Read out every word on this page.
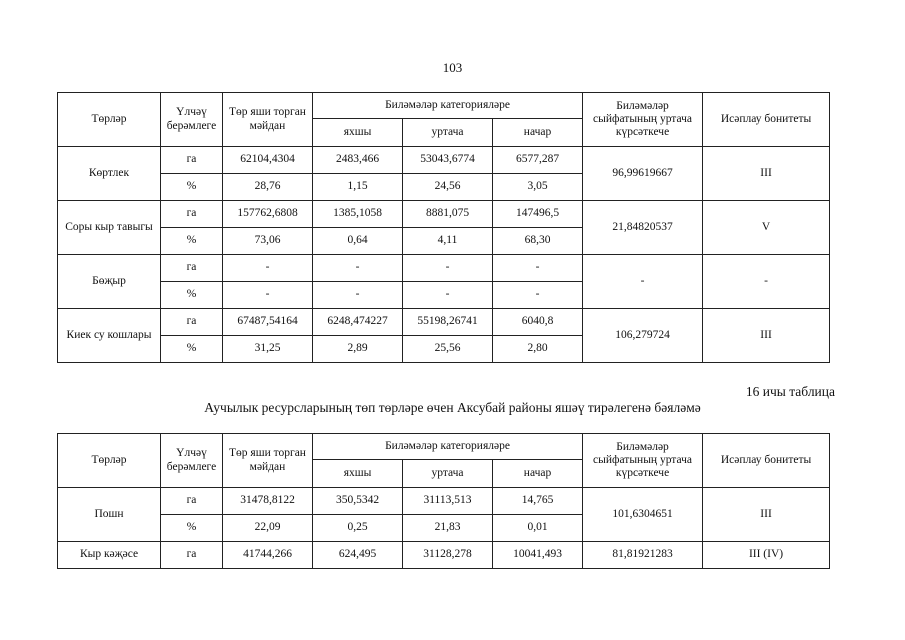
103
Төрләр	Үлчәү берәмлеге	Төр яши торган мәйдан	Биләмәләр категорияләре			Биләмәләр сыйфатының уртача күрсәткече	Исәплау бонитеты
			яхшы	уртача	начар		
Көртлек	га	62104,4304	2483,466	53043,6774	6577,287	96,99619667	III
	%	28,76	1,15	24,56	3,05		
Соры кыр тавыгы	га	157762,6808	1385,1058	8881,075	147496,5	21,84820537	V
	%	73,06	0,64	4,11	68,30		
Бөҗыр	га	-	-	-	-	-	-
	%	-	-	-	-		
Киек су кошлары	га	67487,54164	6248,474227	55198,26741	6040,8	106,279724	III
	%	31,25	2,89	25,56	2,80		
16 ичы таблица
Аучылык ресурсларының төп төрләре өчен Аксубай районы яшәү тирәлегенә бәяләмә
Төрләр	Үлчәү берәмлеге	Төр яши торган мәйдан	Биләмәләр категорияләре			Биләмәләр сыйфатының уртача күрсәткече	Исәплау бонитеты
			яхшы	уртача	начар		
Пошн	га	31478,8122	350,5342	31113,513	14,765	101,6304651	III
	%	22,09	0,25	21,83	0,01		
Кыр кәҗәсе	га	41744,266	624,495	31128,278	10041,493	81,81921283	III (IV)
